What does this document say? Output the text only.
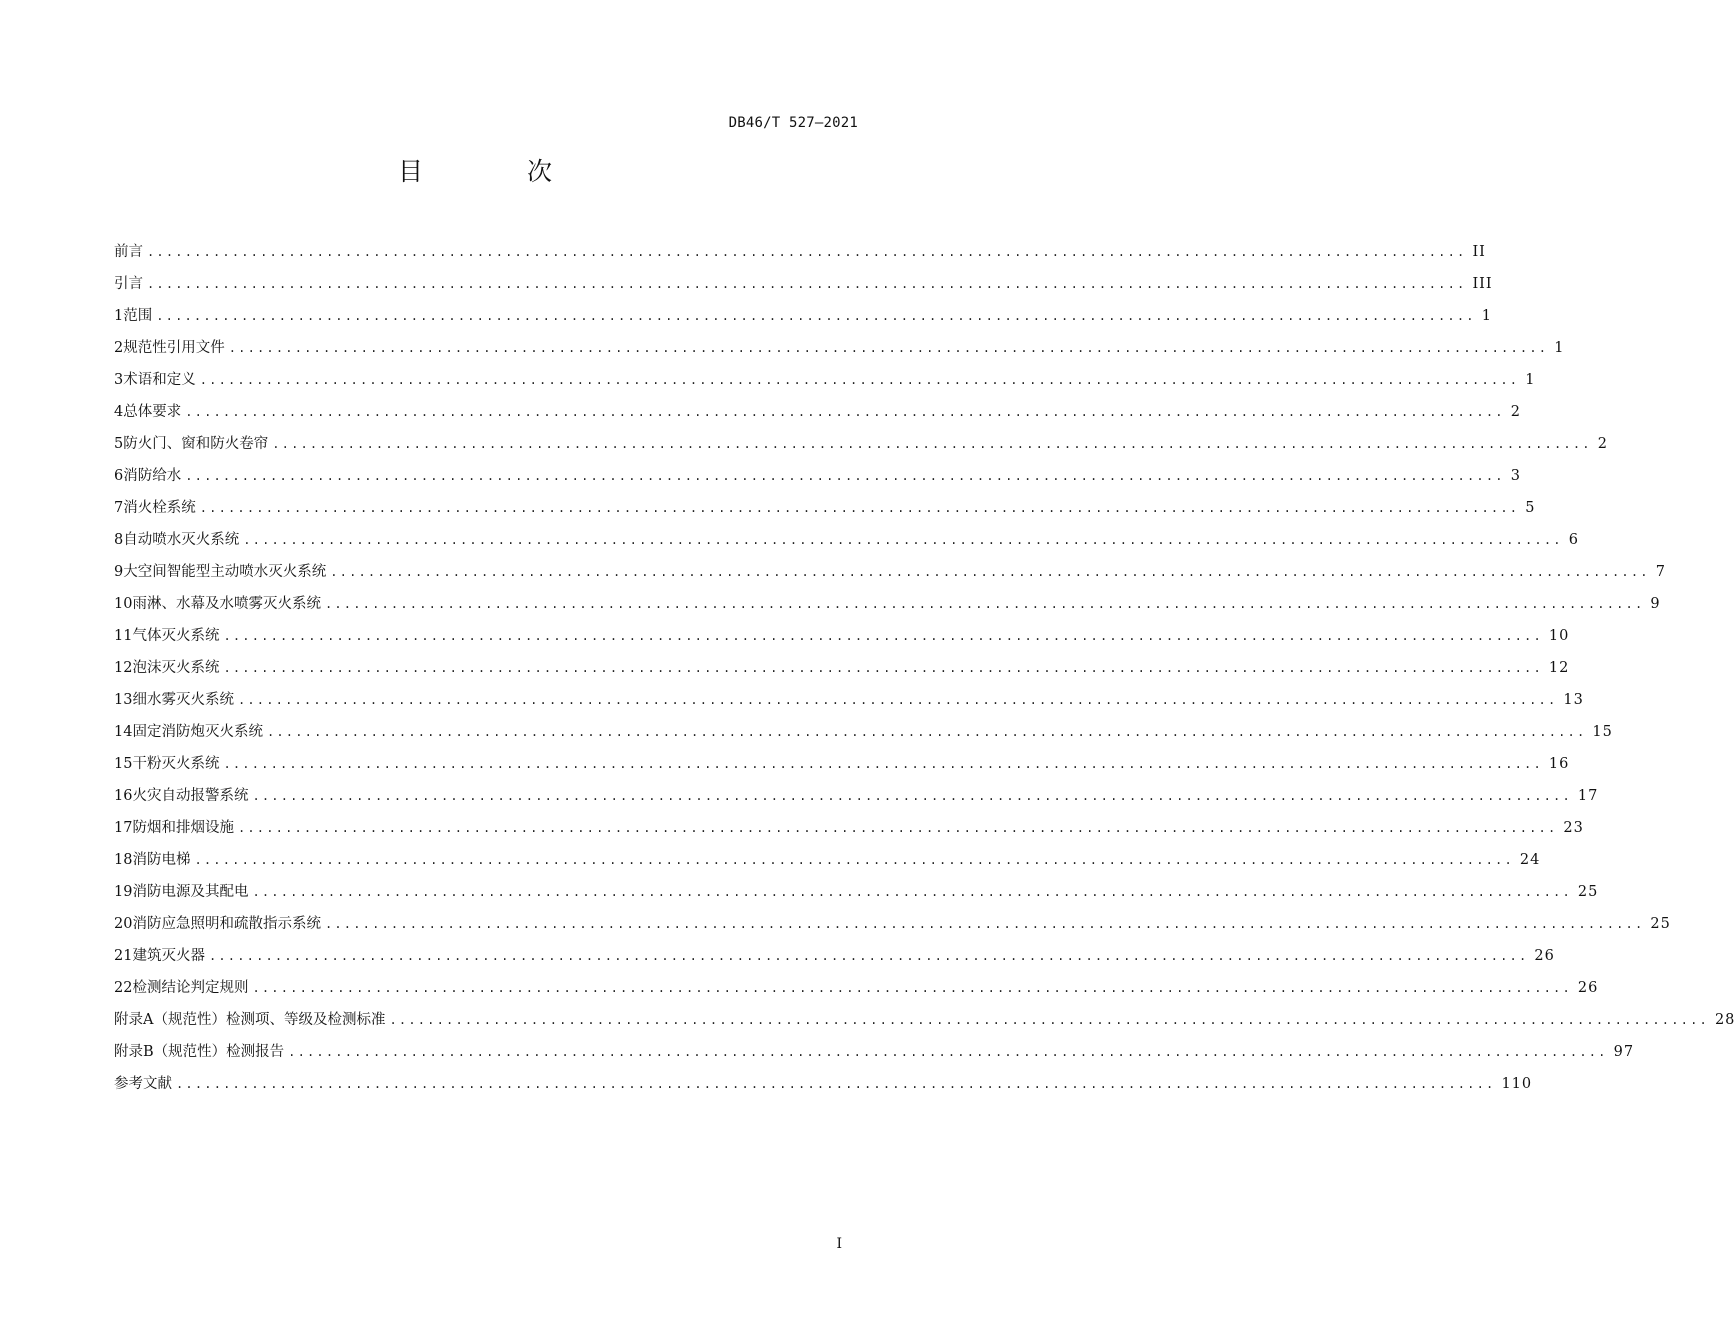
DB46/T 527—2021
目 次
前言 ............................................................................................................................................ II
引言 ............................................................................................................................................ III
1 范围 ............................................................................................................................................ 1
2 规范性引用文件 ............................................................................................................................................ 1
3 术语和定义 ............................................................................................................................................ 1
4 总体要求 ............................................................................................................................................ 2
5 防火门、窗和防火卷帘 ............................................................................................................................................ 2
6 消防给水 ............................................................................................................................................ 3
7 消火栓系统 ............................................................................................................................................ 5
8 自动喷水灭火系统 ............................................................................................................................................ 6
9 大空间智能型主动喷水灭火系统 ............................................................................................................................................ 7
10 雨淋、水幕及水喷雾灭火系统 ............................................................................................................................................ 9
11 气体灭火系统 ............................................................................................................................................ 10
12 泡沫灭火系统 ............................................................................................................................................ 12
13 细水雾灭火系统 ............................................................................................................................................ 13
14 固定消防炮灭火系统 ............................................................................................................................................ 15
15 干粉灭火系统 ............................................................................................................................................ 16
16 火灾自动报警系统 ............................................................................................................................................ 17
17 防烟和排烟设施 ............................................................................................................................................ 23
18 消防电梯 ............................................................................................................................................ 24
19 消防电源及其配电 ............................................................................................................................................ 25
20 消防应急照明和疏散指示系统 ............................................................................................................................................ 25
21 建筑灭火器 ............................................................................................................................................ 26
22 检测结论判定规则 ............................................................................................................................................ 26
附录A（规范性） 检测项、等级及检测标准 ............................................................................................................................................ 28
附录B（规范性） 检测报告 ............................................................................................................................................ 97
参考文献 ............................................................................................................................................ 110
I
